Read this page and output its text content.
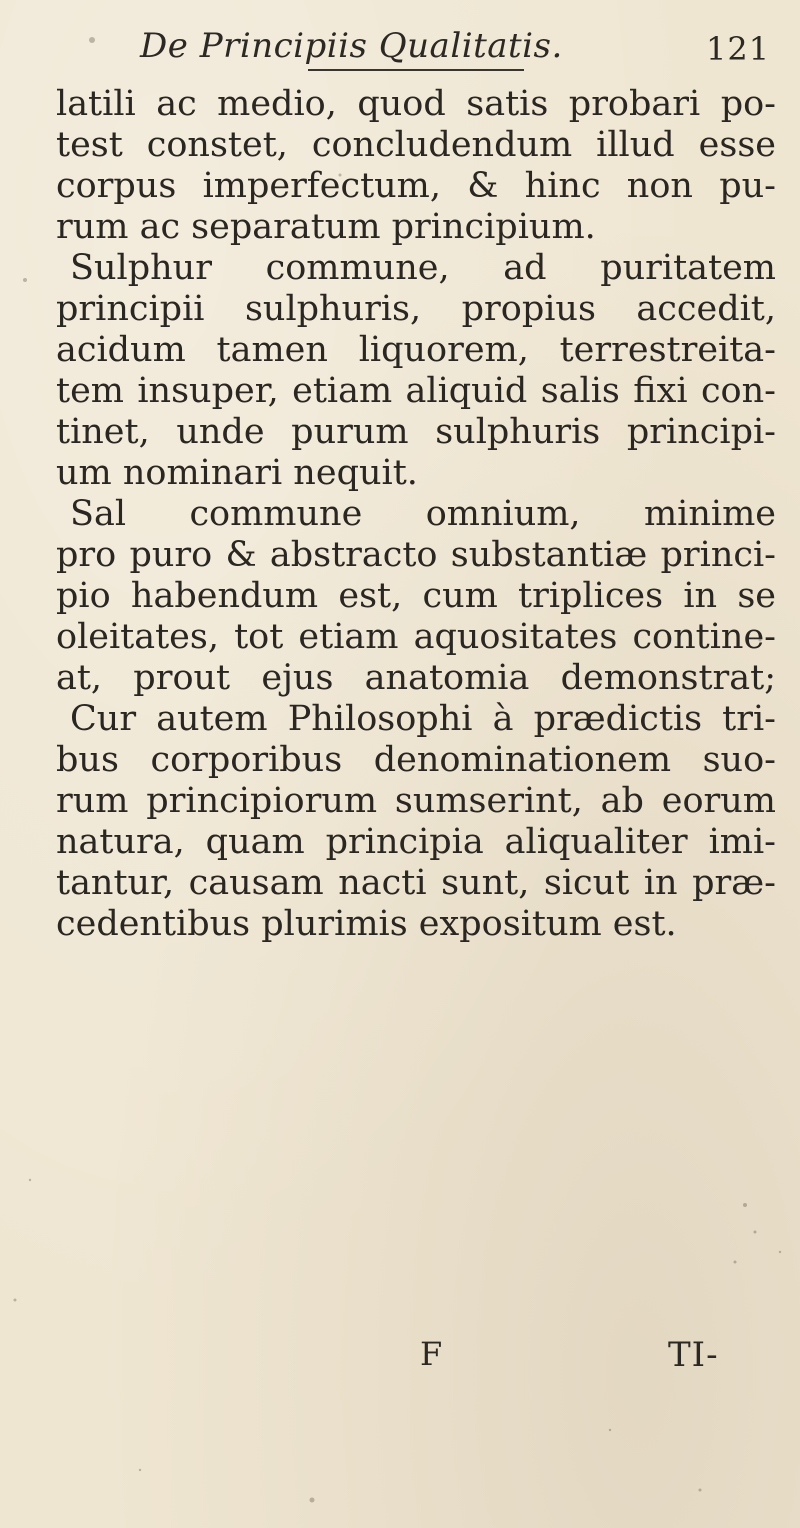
De Principiis Qualitatis.	121
latili ac medio, quod satis probari po-
test constet, concludendum illud esse
corpus imperfectum, & hinc non pu-
rum ac separatum principium.
Sulphur commune, ad puritatem
principii sulphuris, propius accedit,
acidum tamen liquorem, terrestreita-
tem insuper, etiam aliquid salis fixi con-
tinet, unde purum sulphuris principi-
um nominari nequit.
Sal commune omnium, minime
pro puro & abstracto substantiæ princi-
pio habendum est, cum triplices in se
oleitates, tot etiam aquositates contine-
at, prout ejus anatomia demonstrat;
Cur autem Philosophi à prædictis tri-
bus corporibus denominationem suo-
rum principiorum sumserint, ab eorum
natura, quam principia aliqualiter imi-
tantur, causam nacti sunt, sicut in præ-
cedentibus plurimis expositum est.
F	TI-
